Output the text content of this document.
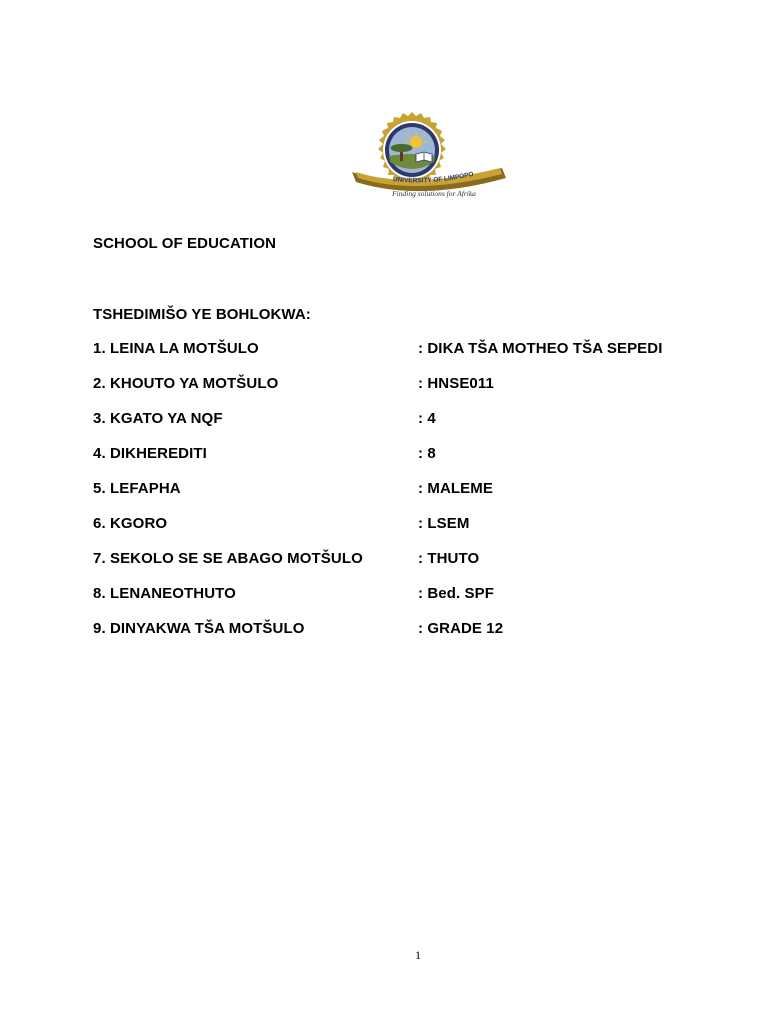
UNIVERSITY OF LIMPOPO
Finding solutions for Afrika
SCHOOL OF EDUCATION
TSHEDIMIŠO YE BOHLOKWA:
1. LEINA LA MOTŠULO	: DIKA TŠA MOTHEO TŠA SEPEDI
2. KHOUTO YA MOTŠULO	: HNSE011
3. KGATO YA NQF	: 4
4. DIKHEREDITI	: 8
5. LEFAPHA	: MALEME
6. KGORO	: LSEM
7. SEKOLO SE SE ABAGO MOTŠULO	: THUTO
8. LENANEOTHUTO	: Bed. SPF
9. DINYAKWA TŠA MOTŠULO	: GRADE 12
1
